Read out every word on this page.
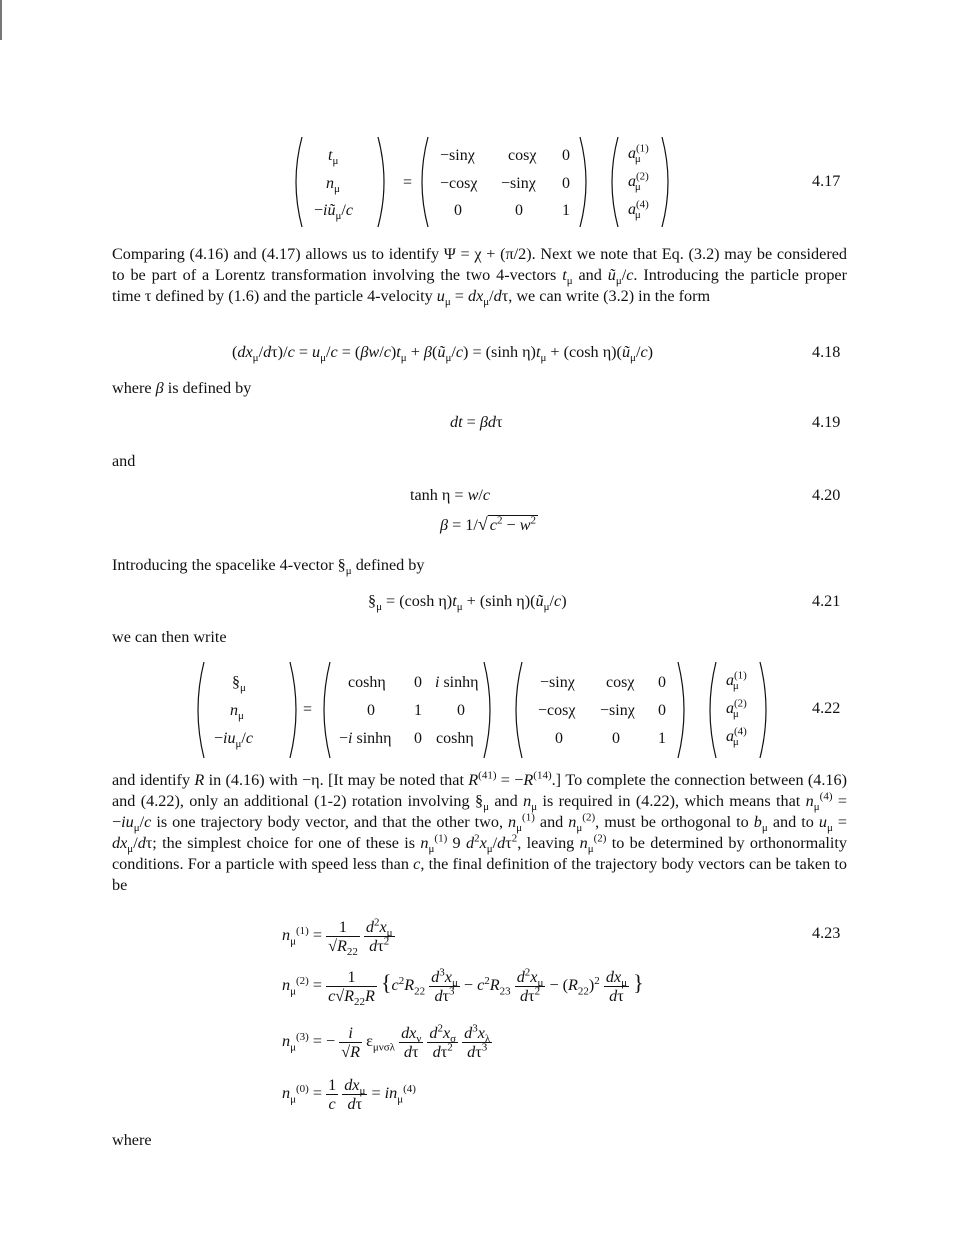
=
$t_\mu$
$n_\mu$
$-iũ_\mu/c$
−sinχ cosχ 0
−cosχ −sinχ 0
0	0 1
$a^{(1)}_\mu$
$a^{(2)}_\mu$
$a^{(4)}_\mu$
4.17
Comparing (4.16) and (4.17) allows us to identify Ψ = χ + (π/2). Next we note that Eq. (3.2) may be considered to be part of a Lorentz transformation involving the two 4-vectors $t_\mu$ and $ũ_\mu/c$. Introducing the particle proper time τ defined by (1.6) and the particle 4-velocity $u_\mu = dx_\mu/d\tau$, we can write (3.2) in the form
$(dx_\mu/d\tau)/c = u_\mu/c = (\beta w/c)t_\mu$ + $\beta(ũ_\mu/c) = (\sinh$ $\eta)t_\mu + (\cosh$ $\eta)(ũ_\mu/c)$	4.18
where β is defined by
dt = βdτ	4.19
and
tanh η = w/c	4.20
β = 1/√ $c^2 - w^2$
Introducing the spacelike 4-vector $\S_\mu$ defined by
$\S_\mu = (\cosh$ $\eta)t_\mu + (\sinh$ $\eta)(ũ_\mu/c)$	4.21
we can then write
=
$\S_\mu$
$n_\mu$
$-iu_\mu/c$
coshη 0 i sinhη
0 1 0
−i sinhη 0 coshη
−sinχ cosχ 0
−cosχ −sinχ 0
0	0 1
$a^{(1)}_\mu$
$a^{(2)}_\mu$
$a^{(4)}_\mu$
4.22
and identify R in (4.16) with −η. [It may be noted that $R^{(41)} = -R^{(14)}$.] To complete the connection between (4.16) and (4.22), only an additional (1-2) rotation involving $\S_\mu$ and $n_\mu$ is required in (4.22), which means that $n_\mu^{(4)} = -iu_\mu/c$ is one trajectory body vector, and that the other two, $n_\mu^{(1)}$ and $n_\mu^{(2)}$, must be orthogonal to $b_\mu$ and to $u_\mu = dx_\mu/d\tau$; the simplest choice for one of these is $n_\mu^{(1)}$ 9 $d^2x_\mu/d\tau^2$, leaving $n_\mu^{(2)}$ to be determined by orthonormality conditions. For a particle with speed less than c, the final definition of the trajectory body vectors can be taken to be
$n_\mu^{(1)} = \frac{1}{√R_{22}}$
$\frac{d^2x_\mu}{d\tau^2}$	4.23
$n_\mu^{(2)} = \frac{1}{c√R_{22}R} \{c^2R_{22} \frac{d^3x_\mu}{d\tau^3} - c^2R_{23} \frac{d^2x_\mu}{d\tau^2} - (R_{22})^2 \frac{dx_\mu}{d\tau}$ }
$n_\mu^{(3)}$ = − $\frac{i}{√R} \varepsilon_{\mu\nu\sigma\lambda} \frac{dx_\nu}{d\tau}$
$\frac{d^2x_\sigma}{d\tau^2}$
$\frac{d^3x_\lambda}{d\tau^3}$
$n_\mu^{(0)} = \frac{1}{c}$
$\frac{dx_\mu}{d\tau} = in_\mu^{(4)}$
where
